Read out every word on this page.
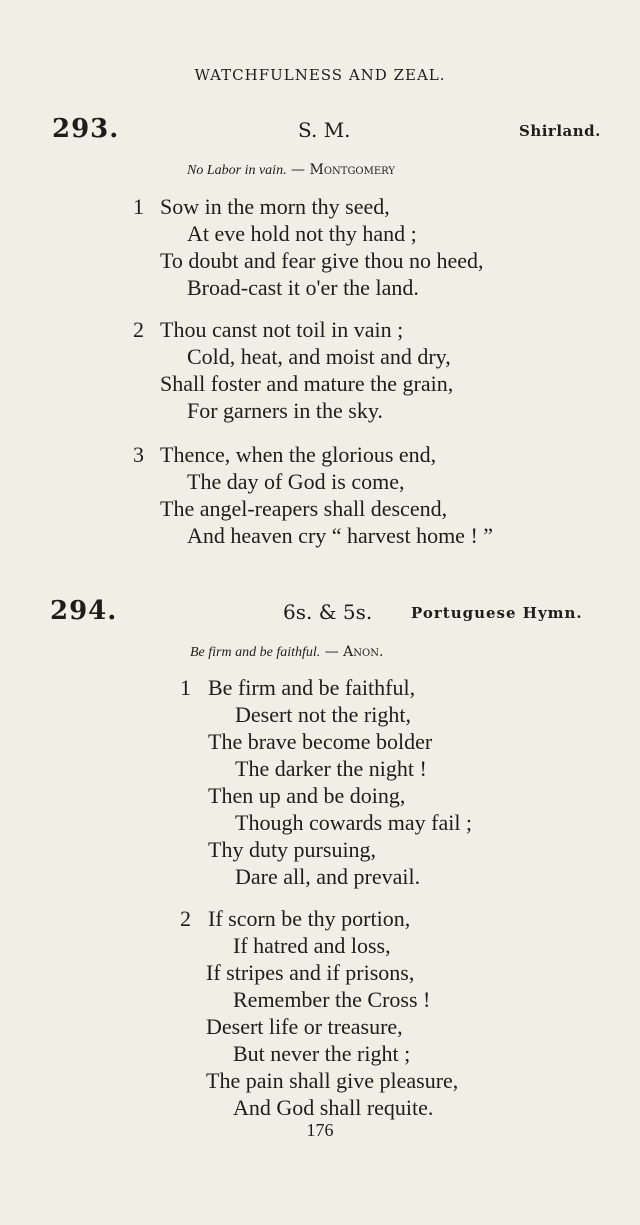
WATCHFULNESS AND ZEAL.
293.	S. M.	Shirland.
No Labor in vain. — Montgomery
1 Sow in the morn thy seed,
At eve hold not thy hand ;
To doubt and fear give thou no heed,
Broad-cast it o'er the land.
2 Thou canst not toil in vain ;
Cold, heat, and moist and dry,
Shall foster and mature the grain,
For garners in the sky.
3 Thence, when the glorious end,
The day of God is come,
The angel-reapers shall descend,
And heaven cry “ harvest home ! ”
294.	6s. & 5s.	Portuguese Hymn.
Be firm and be faithful. — Anon.
1 Be firm and be faithful,
Desert not the right,
The brave become bolder
The darker the night !
Then up and be doing,
Though cowards may fail ;
Thy duty pursuing,
Dare all, and prevail.
2 If scorn be thy portion,
If hatred and loss,
If stripes and if prisons,
Remember the Cross !
Desert life or treasure,
But never the right ;
The pain shall give pleasure,
And God shall requite.
176
